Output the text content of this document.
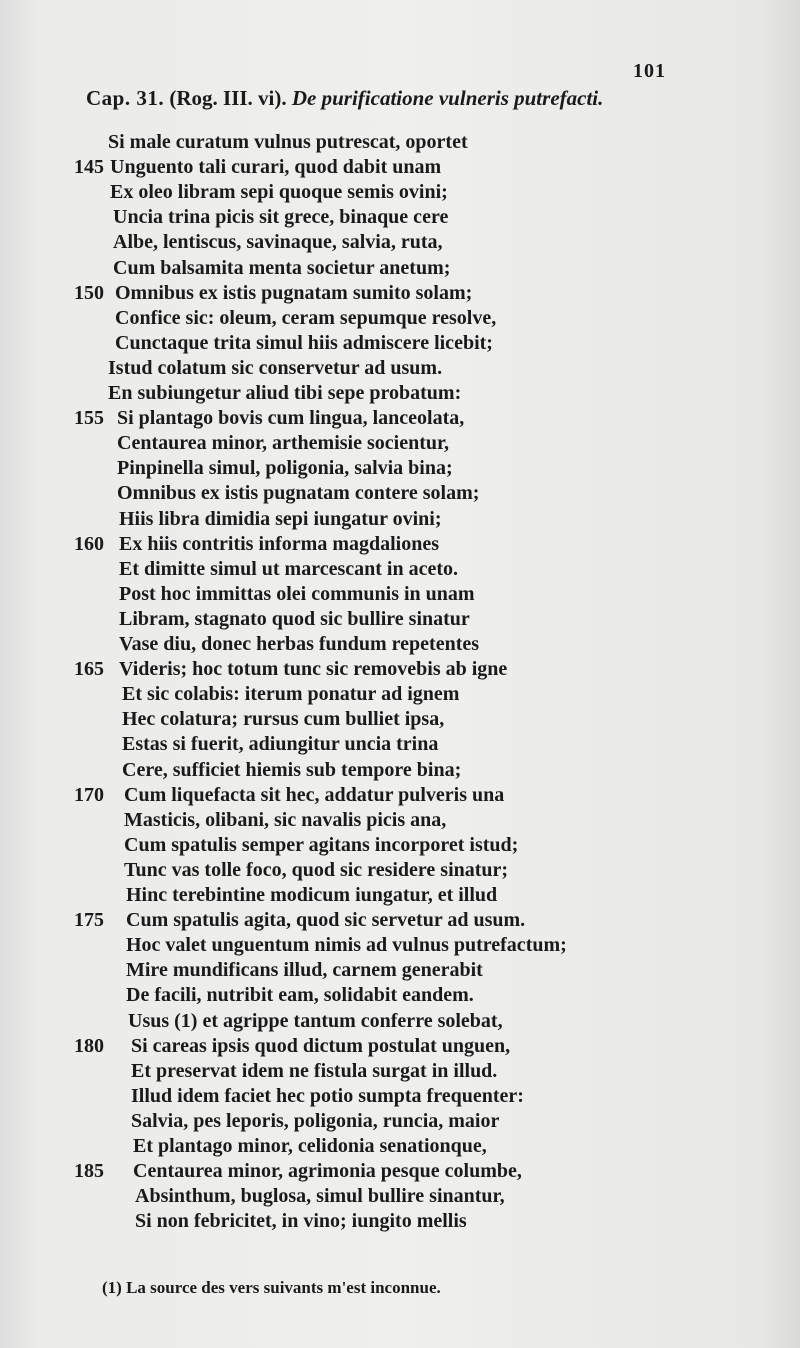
101
Cap. 31. (Rog. III. vi). De purificatione vulneris putrefacti.
Si male curatum vulnus putrescat, oportet
145 Unguento tali curari, quod dabit unam
Ex oleo libram sepi quoque semis ovini;
Uncia trina picis sit grece, binaque cere
Albe, lentiscus, savinaque, salvia, ruta,
Cum balsamita menta societur anetum;
150 Omnibus ex istis pugnatam sumito solam;
Confice sic: oleum, ceram sepumque resolve,
Cunctaque trita simul hiis admiscere licebit;
Istud colatum sic conservetur ad usum.
En subiungetur aliud tibi sepe probatum:
155 Si plantago bovis cum lingua, lanceolata,
Centaurea minor, arthemisie socientur,
Pinpinella simul, poligonia, salvia bina;
Omnibus ex istis pugnatam contere solam;
Hiis libra dimidia sepi iungatur ovini;
160 Ex hiis contritis informa magdaliones
Et dimitte simul ut marcescant in aceto.
Post hoc immittas olei communis in unam
Libram, stagnato quod sic bullire sinatur
Vase diu, donec herbas fundum repetentes
165 Videris; hoc totum tunc sic removebis ab igne
Et sic colabis: iterum ponatur ad ignem
Hec colatura; rursus cum bulliet ipsa,
Estas si fuerit, adiungitur uncia trina
Cere, sufficiet hiemis sub tempore bina;
170 Cum liquefacta sit hec, addatur pulveris una
Masticis, olibani, sic navalis picis ana,
Cum spatulis semper agitans incorporet istud;
Tunc vas tolle foco, quod sic residere sinatur;
Hinc terebintine modicum iungatur, et illud
175 Cum spatulis agita, quod sic servetur ad usum.
Hoc valet unguentum nimis ad vulnus putrefactum;
Mire mundificans illud, carnem generabit
De facili, nutribit eam, solidabit eandem.
Usus (1) et agrippe tantum conferre solebat,
180 Si careas ipsis quod dictum postulat unguen,
Et preservat idem ne fistula surgat in illud.
Illud idem faciet hec potio sumpta frequenter:
Salvia, pes leporis, poligonia, runcia, maior
Et plantago minor, celidonia senationque,
185 Centaurea minor, agrimonia pesque columbe,
Absinthum, buglosa, simul bullire sinantur,
Si non febricitet, in vino; iungito mellis
(1) La source des vers suivants m'est inconnue.
